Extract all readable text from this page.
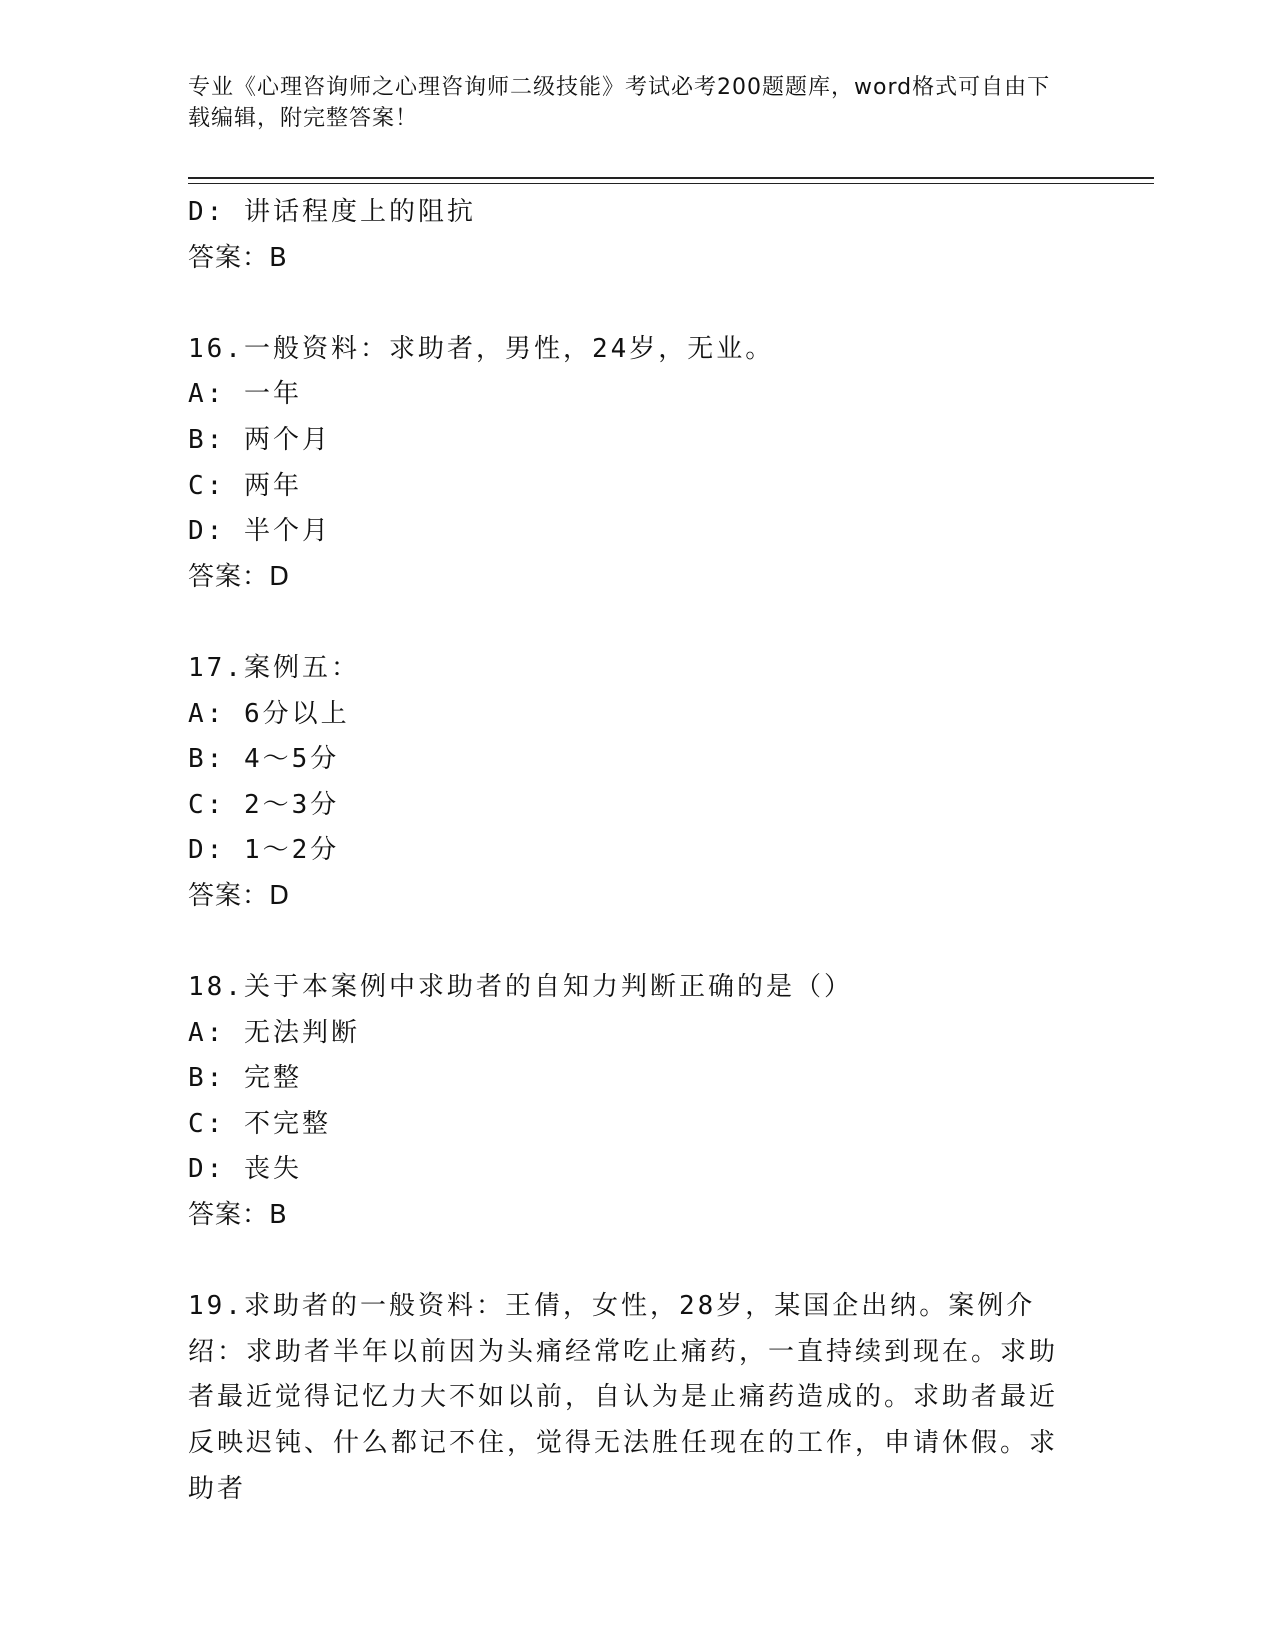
专业《心理咨询师之心理咨询师二级技能》考试必考200题题库，word格式可自由下载编辑，附完整答案！
D: 讲话程度上的阻抗
答案：B
16.一般资料：求助者，男性，24岁，无业。
A: 一年
B: 两个月
C: 两年
D: 半个月
答案：D
17.案例五：
A: 6分以上
B: 4～5分
C: 2～3分
D: 1～2分
答案：D
18.关于本案例中求助者的自知力判断正确的是（）
A: 无法判断
B: 完整
C: 不完整
D: 丧失
答案：B
19.求助者的一般资料：王倩，女性，28岁，某国企出纳。案例介绍：求助者半年以前因为头痛经常吃止痛药，一直持续到现在。求助者最近觉得记忆力大不如以前，自认为是止痛药造成的。求助者最近反映迟钝、什么都记不住，觉得无法胜任现在的工作，申请休假。求助者
